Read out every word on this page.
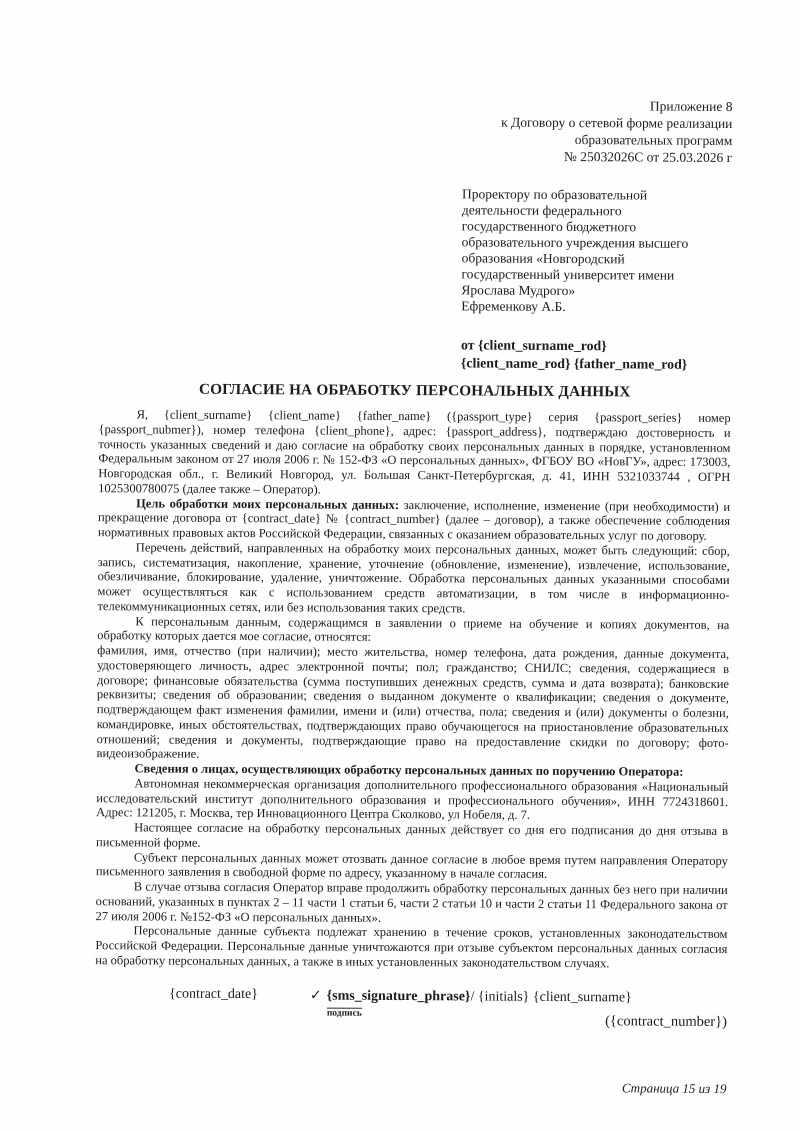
Приложение 8
к Договору о сетевой форме реализации
образовательных программ
№ 25032026C от 25.03.2026 г
Проректору по образовательной
деятельности федерального
государственного бюджетного
образовательного учреждения высшего
образования «Новгородский
государственный университет имени
Ярослава Мудрого»
Ефременкову А.Б.
от {client_surname_rod}
{client_name_rod} {father_name_rod}
СОГЛАСИЕ НА ОБРАБОТКУ ПЕРСОНАЛЬНЫХ ДАННЫХ

Я, {client_surname} {client_name} {father_name} ({passport_type} серия {passport_series} номер {passport_nubmer}), номер телефона {client_phone}, адрес: {passport_address}, подтверждаю достоверность и точность указанных сведений и даю согласие на обработку своих персональных данных в порядке, установленном Федеральным законом от 27 июля 2006 г. № 152-ФЗ «О персональных данных», ФГБОУ ВО «НовГУ», адрес: 173003, Новгородская обл., г. Великий Новгород, ул. Большая Санкт-Петербургская, д. 41, ИНН 5321033744 , ОГРН 1025300780075 (далее также – Оператор).

Цель обработки моих персональных данных: заключение, исполнение, изменение (при необходимости) и прекращение договора от {contract_date} № {contract_number} (далее – договор), а также обеспечение соблюдения нормативных правовых актов Российской Федерации, связанных с оказанием образовательных услуг по договору.

Перечень действий, направленных на обработку моих персональных данных, может быть следующий: сбор, запись, систематизация, накопление, хранение, уточнение (обновление, изменение), извлечение, использование, обезличивание, блокирование, удаление, уничтожение. Обработка персональных данных указанными способами может осуществляться как с использованием средств автоматизации, в том числе в информационно-телекоммуникационных сетях, или без использования таких средств.

К персональным данным, содержащимся в заявлении о приеме на обучение и копиях документов, на обработку которых дается мое согласие, относятся:

фамилия, имя, отчество (при наличии); место жительства, номер телефона, дата рождения, данные документа, удостоверяющего личность, адрес электронной почты; пол; гражданство; СНИЛС; сведения, содержащиеся в договоре; финансовые обязательства (сумма поступивших денежных средств, сумма и дата возврата); банковские реквизиты; сведения об образовании; сведения о выданном документе о квалификации; сведения о документе, подтверждающем факт изменения фамилии, имени и (или) отчества, пола; сведения и (или) документы о болезни, командировке, иных обстоятельствах, подтверждающих право обучающегося на приостановление образовательных отношений; сведения и документы, подтверждающие право на предоставление скидки по договору; фото-видеоизображение.

Сведения о лицах, осуществляющих обработку персональных данных по поручению Оператора:

Автономная некоммерческая организация дополнительного профессионального образования «Национальный исследовательский институт дополнительного образования и профессионального обучения», ИНН 7724318601. Адрес: 121205, г. Москва, тер Инновационного Центра Сколково, ул Нобеля, д. 7.

Настоящее согласие на обработку персональных данных действует со дня его подписания до дня отзыва в письменной форме.

Субъект персональных данных может отозвать данное согласие в любое время путем направления Оператору письменного заявления в свободной форме по адресу, указанному в начале согласия.

В случае отзыва согласия Оператор вправе продолжить обработку персональных данных без него при наличии оснований, указанных в пунктах 2 – 11 части 1 статьи 6, части 2 статьи 10 и части 2 статьи 11 Федерального закона от 27 июля 2006 г. №152-ФЗ «О персональных данных».

Персональные данные субъекта подлежат хранению в течение сроков, установленных законодательством Российской Федерации. Персональные данные уничтожаются при отзыве субъектом персональных данных согласия на обработку персональных данных, а также в иных установленных законодательством случаях.

{contract_date}	✓ {sms_signature_phrase}/ {initials} {client_surname}
подпись	({contract_number})
Страница 15 из 19
